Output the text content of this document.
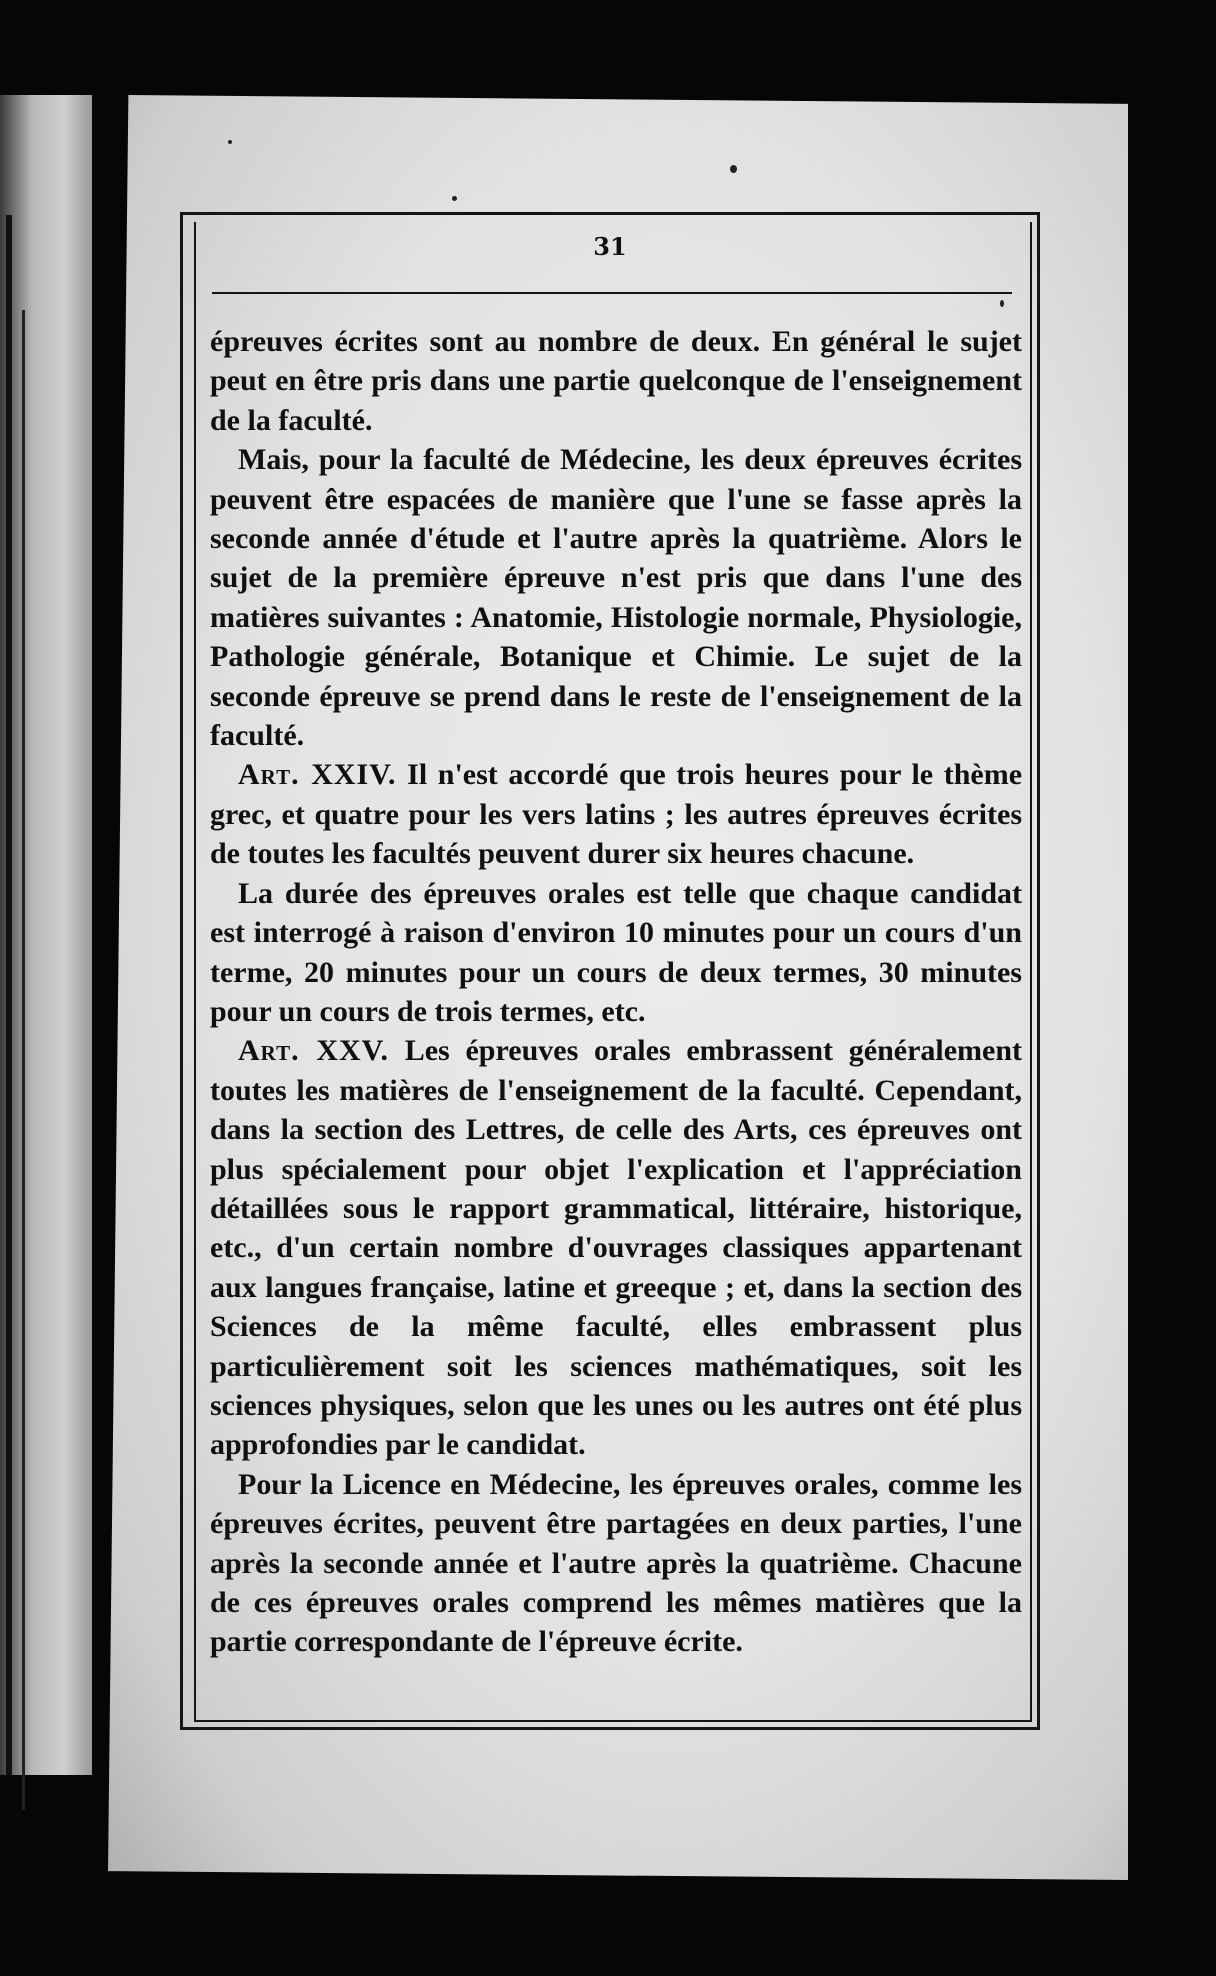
31

épreuves écrites sont au nombre de deux. En général le sujet peut en être pris dans une partie quelconque de l'enseignement de la faculté.

Mais, pour la faculté de Médecine, les deux épreuves écrites peuvent être espacées de manière que l'une se fasse après la seconde année d'étude et l'autre après la quatrième. Alors le sujet de la première épreuve n'est pris que dans l'une des matières suivantes : Anatomie, Histologie normale, Physiologie, Pathologie générale, Botanique et Chimie. Le sujet de la seconde épreuve se prend dans le reste de l'enseignement de la faculté.

Art. XXIV. Il n'est accordé que trois heures pour le thème grec, et quatre pour les vers latins ; les autres épreuves écrites de toutes les facultés peuvent durer six heures chacune.

La durée des épreuves orales est telle que chaque candidat est interrogé à raison d'environ 10 minutes pour un cours d'un terme, 20 minutes pour un cours de deux termes, 30 minutes pour un cours de trois termes, etc.

Art. XXV. Les épreuves orales embrassent généralement toutes les matières de l'enseignement de la faculté. Cependant, dans la section des Lettres, de celle des Arts, ces épreuves ont plus spécialement pour objet l'explication et l'appréciation détaillées sous le rapport grammatical, littéraire, historique, etc., d'un certain nombre d'ouvrages classiques appartenant aux langues française, latine et greeque ; et, dans la section des Sciences de la même faculté, elles embrassent plus particulièrement soit les sciences mathématiques, soit les sciences physiques, selon que les unes ou les autres ont été plus approfondies par le candidat.

Pour la Licence en Médecine, les épreuves orales, comme les épreuves écrites, peuvent être partagées en deux parties, l'une après la seconde année et l'autre après la quatrième. Chacune de ces épreuves orales comprend les mêmes matières que la partie correspondante de l'épreuve écrite.
